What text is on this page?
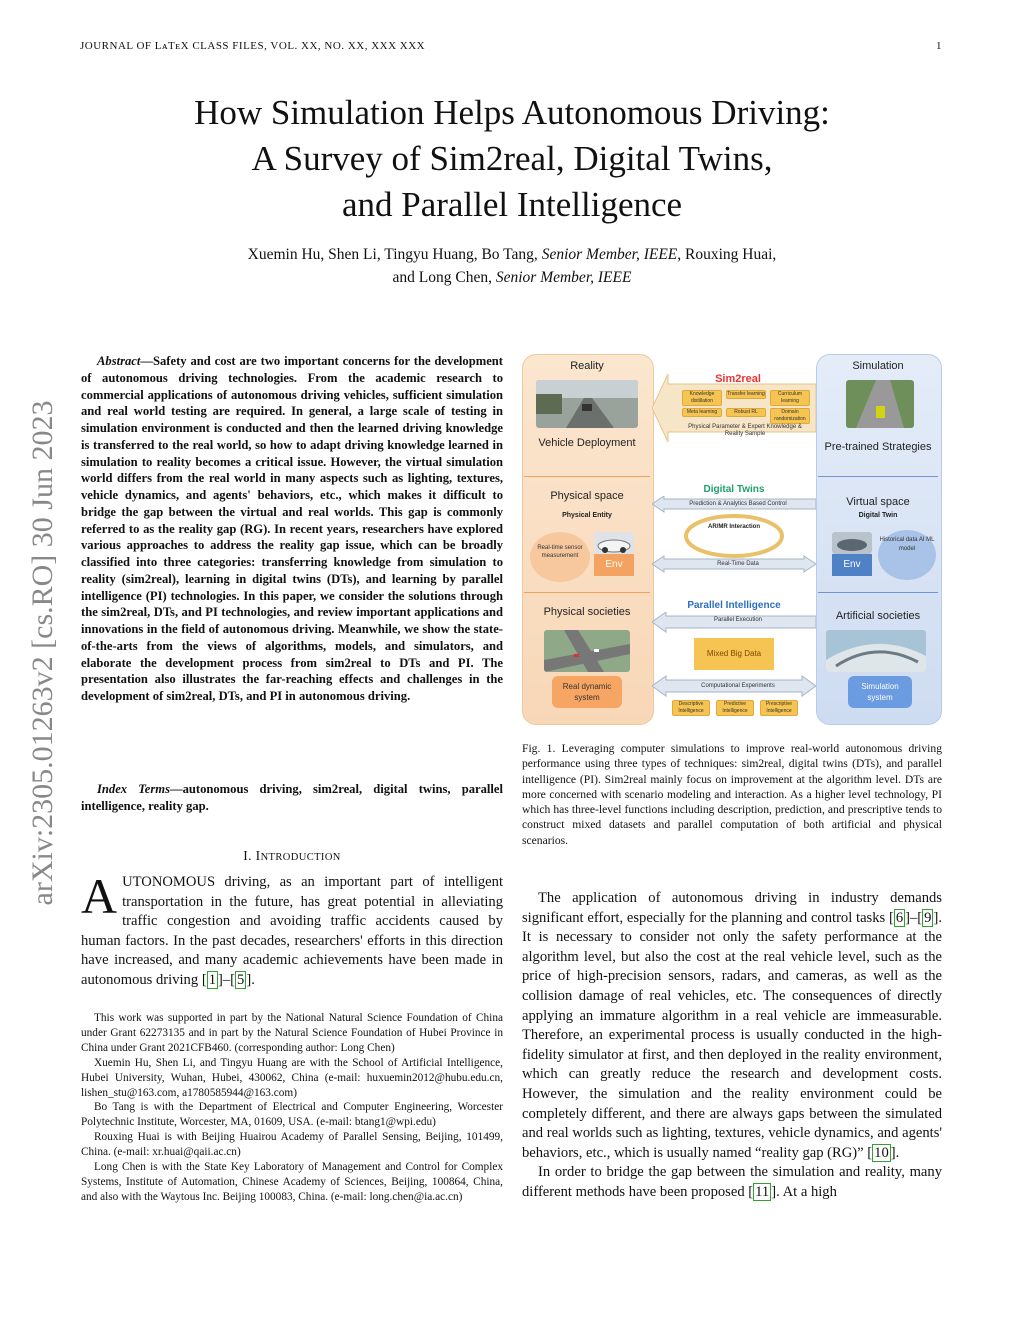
JOURNAL OF LᴀTᴇX CLASS FILES, VOL. XX, NO. XX, XXX XXX	1
How Simulation Helps Autonomous Driving:
A Survey of Sim2real, Digital Twins,
and Parallel Intelligence
Xuemin Hu, Shen Li, Tingyu Huang, Bo Tang, Senior Member, IEEE, Rouxing Huai,
and Long Chen, Senior Member, IEEE
arXiv:2305.01263v2 [cs.RO] 30 Jun 2023
Abstract—Safety and cost are two important concerns for the development of autonomous driving technologies. From the academic research to commercial applications of autonomous driving vehicles, sufficient simulation and real world testing are required. In general, a large scale of testing in simulation environment is conducted and then the learned driving knowledge is transferred to the real world, so how to adapt driving knowledge learned in simulation to reality becomes a critical issue. However, the virtual simulation world differs from the real world in many aspects such as lighting, textures, vehicle dynamics, and agents' behaviors, etc., which makes it difficult to bridge the gap between the virtual and real worlds. This gap is commonly referred to as the reality gap (RG). In recent years, researchers have explored various approaches to address the reality gap issue, which can be broadly classified into three categories: transferring knowledge from simulation to reality (sim2real), learning in digital twins (DTs), and learning by parallel intelligence (PI) technologies. In this paper, we consider the solutions through the sim2real, DTs, and PI technologies, and review important applications and innovations in the field of autonomous driving. Meanwhile, we show the state-of-the-arts from the views of algorithms, models, and simulators, and elaborate the development process from sim2real to DTs and PI. The presentation also illustrates the far-reaching effects and challenges in the development of sim2real, DTs, and PI in autonomous driving.
Index Terms—autonomous driving, sim2real, digital twins, parallel intelligence, reality gap.
I. INTRODUCTION
AUTONOMOUS driving, as an important part of intelligent transportation in the future, has great potential in alleviating traffic congestion and avoiding traffic accidents caused by human factors. In the past decades, researchers' efforts in this direction have increased, and many academic achievements have been made in autonomous driving [ 1 ]–[ 5 ].

This work was supported in part by the National Natural Science Foundation of China under Grant 62273135 and in part by the Natural Science Foundation of Hubei Province in China under Grant 2021CFB460. (corresponding author: Long Chen)

Xuemin Hu, Shen Li, and Tingyu Huang are with the School of Artificial Intelligence, Hubei University, Wuhan, Hubei, 430062, China (e-mail: huxuemin2012@hubu.edu.cn, lishen_stu@163.com, a1780585944@163.com)

Bo Tang is with the Department of Electrical and Computer Engineering, Worcester Polytechnic Institute, Worcester, MA, 01609, USA. (e-mail: btang1@wpi.edu)

Rouxing Huai is with Beijing Huairou Academy of Parallel Sensing, Beijing, 101499, China. (e-mail: xr.huai@qaii.ac.cn)

Long Chen is with the State Key Laboratory of Management and Control for Complex Systems, Institute of Automation, Chinese Academy of Sciences, Beijing, 100864, China, and also with the Waytous Inc. Beijing 100083, China. (e-mail: long.chen@ia.ac.cn)

Reality
Vehicle Deployment
Physical space
Physical Entity
Real-time sensor measurement
Env
Physical societies
Real dynamic system
Simulation
Pre-trained Strategies
Virtual space
Digital Twin
Env
Historical data AI ML model
Artificial societies
Simulation system
Sim2real
Knowledge distillation
Transfer learning	Curriculum learning
Meta learning	Robust RL	Domain randomization
Physical Parameter & Expert Knowledge & Reality Sample
Digital Twins
Prediction & Analytics Based Control
AR/MR Interaction
Real-Time Data
Parallel Intelligence
Parallel Execution
Mixed Big Data
Computational Experiments
Descriptive Intelligence
Predictive Intelligence
Prescriptive Intelligence
Fig. 1. Leveraging computer simulations to improve real-world autonomous driving performance using three types of techniques: sim2real, digital twins (DTs), and parallel intelligence (PI). Sim2real mainly focus on improvement at the algorithm level. DTs are more concerned with scenario modeling and interaction. As a higher level technology, PI which has three-level functions including description, prediction, and prescriptive tends to construct mixed datasets and parallel computation of both artificial and physical scenarios.

The application of autonomous driving in industry demands significant effort, especially for the planning and control tasks [ 6 ]–[ 9 ]. It is necessary to consider not only the safety performance at the algorithm level, but also the cost at the real vehicle level, such as the price of high-precision sensors, radars, and cameras, as well as the collision damage of real vehicles, etc. The consequences of directly applying an immature algorithm in a real vehicle are immeasurable. Therefore, an experimental process is usually conducted in the high-fidelity simulator at first, and then deployed in the reality environment, which can greatly reduce the research and development costs. However, the simulation and the reality environment could be completely different, and there are always gaps between the simulated and real worlds such as lighting, textures, vehicle dynamics, and agents' behaviors, etc., which is usually named “reality gap (RG)” [ 10 ].

In order to bridge the gap between the simulation and reality, many different methods have been proposed [ 11 ]. At a high
